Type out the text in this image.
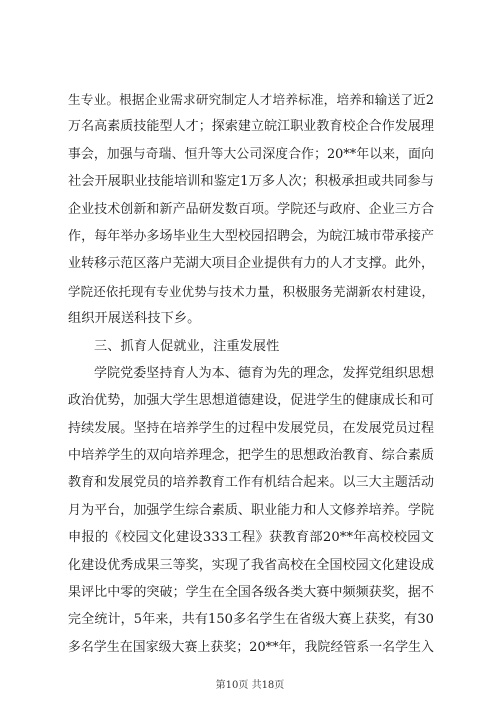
生专业。根据企业需求研究制定人才培养标准，培养和输送了近2
万名高素质技能型人才；探索建立皖江职业教育校企合作发展理
事会，加强与奇瑞、恒升等大公司深度合作；20**年以来，面向
社会开展职业技能培训和鉴定1万多人次；积极承担或共同参与
企业技术创新和新产品研发数百项。学院还与政府、企业三方合
作，每年举办多场毕业生大型校园招聘会，为皖江城市带承接产
业转移示范区落户芜湖大项目企业提供有力的人才支撑。此外，
学院还依托现有专业优势与技术力量，积极服务芜湖新农村建设，
组织开展送科技下乡。
三、抓育人促就业，注重发展性
学院党委坚持育人为本、德育为先的理念，发挥党组织思想
政治优势，加强大学生思想道德建设，促进学生的健康成长和可
持续发展。坚持在培养学生的过程中发展党员，在发展党员过程
中培养学生的双向培养理念，把学生的思想政治教育、综合素质
教育和发展党员的培养教育工作有机结合起来。以三大主题活动
月为平台，加强学生综合素质、职业能力和人文修养培养。学院
申报的《校园文化建设333工程》获教育部20**年高校校园文
化建设优秀成果三等奖，实现了我省高校在全国校园文化建设成
果评比中零的突破；学生在全国各级各类大赛中频频获奖，据不
完全统计，5年来，共有150多名学生在省级大赛上获奖，有30
多名学生在国家级大赛上获奖；20**年，我院经管系一名学生入
第10页 共18页
